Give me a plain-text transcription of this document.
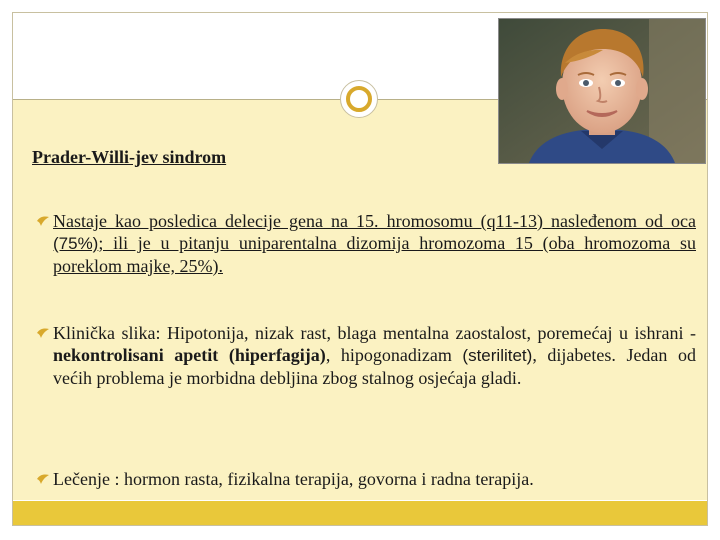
Prader-Willi-jev sindrom
Nastaje kao posledica delecije gena na 15. hromosomu (q11-13) nasleđenom od oca (75%); ili je u pitanju uniparentalna dizomija hromozoma 15 (oba hromozoma su poreklom majke, 25%).
Klinička slika: Hipotonija, nizak rast, blaga mentalna zaostalost, poremećaj u ishrani - nekontrolisani apetit (hiperfagija), hipogonadizam (sterilitet), dijabetes. Jedan od većih problema je morbidna debljina zbog stalnog osjećaja gladi.
Lečenje : hormon rasta, fizikalna terapija, govorna i radna terapija.
